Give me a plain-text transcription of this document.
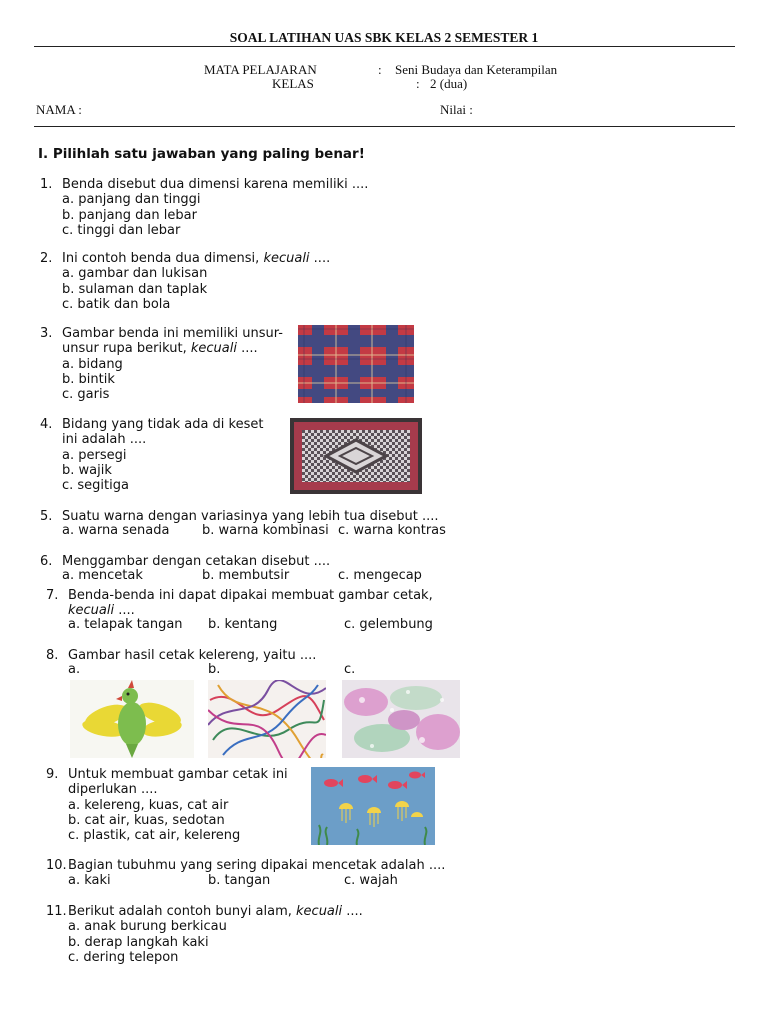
SOAL LATIHAN UAS SBK KELAS 2 SEMESTER 1
MATA PELAJARAN	: Seni Budaya dan Keterampilan
KELAS	: 2 (dua)
NAMA :	Nilai :
I. Pilihlah satu jawaban yang paling benar!
1. Benda disebut dua dimensi karena memiliki ....
a. panjang dan tinggi
b. panjang dan lebar
c. tinggi dan lebar
2. Ini contoh benda dua dimensi, kecuali ....
a. gambar dan lukisan
b. sulaman dan taplak
c. batik dan bola
3. Gambar benda ini memiliki unsur-
unsur rupa berikut, kecuali ....
a. bidang
b. bintik
c. garis
4. Bidang yang tidak ada di keset
ini adalah ....
a. persegi
b. wajik
c. segitiga
5. Suatu warna dengan variasinya yang lebih tua disebut ....
a. warna senada	b. warna kombinasi c. warna kontras
6. Menggambar dengan cetakan disebut ....
a. mencetak	b. membutsir	c. mengecap
7. Benda-benda ini dapat dipakai membuat gambar cetak,
kecuali ....
a. telapak tangan b. kentang	c. gelembung
8. Gambar hasil cetak kelereng, yaitu ....
a.	b.	c.
9. Untuk membuat gambar cetak ini
diperlukan ....
a. kelereng, kuas, cat air
b. cat air, kuas, sedotan
c. plastik, cat air, kelereng
10.Bagian tubuhmu yang sering dipakai mencetak adalah ....
a. kaki	b. tangan	c. wajah
11.Berikut adalah contoh bunyi alam, kecuali ....
a. anak burung berkicau
b. derap langkah kaki
c. dering telepon
